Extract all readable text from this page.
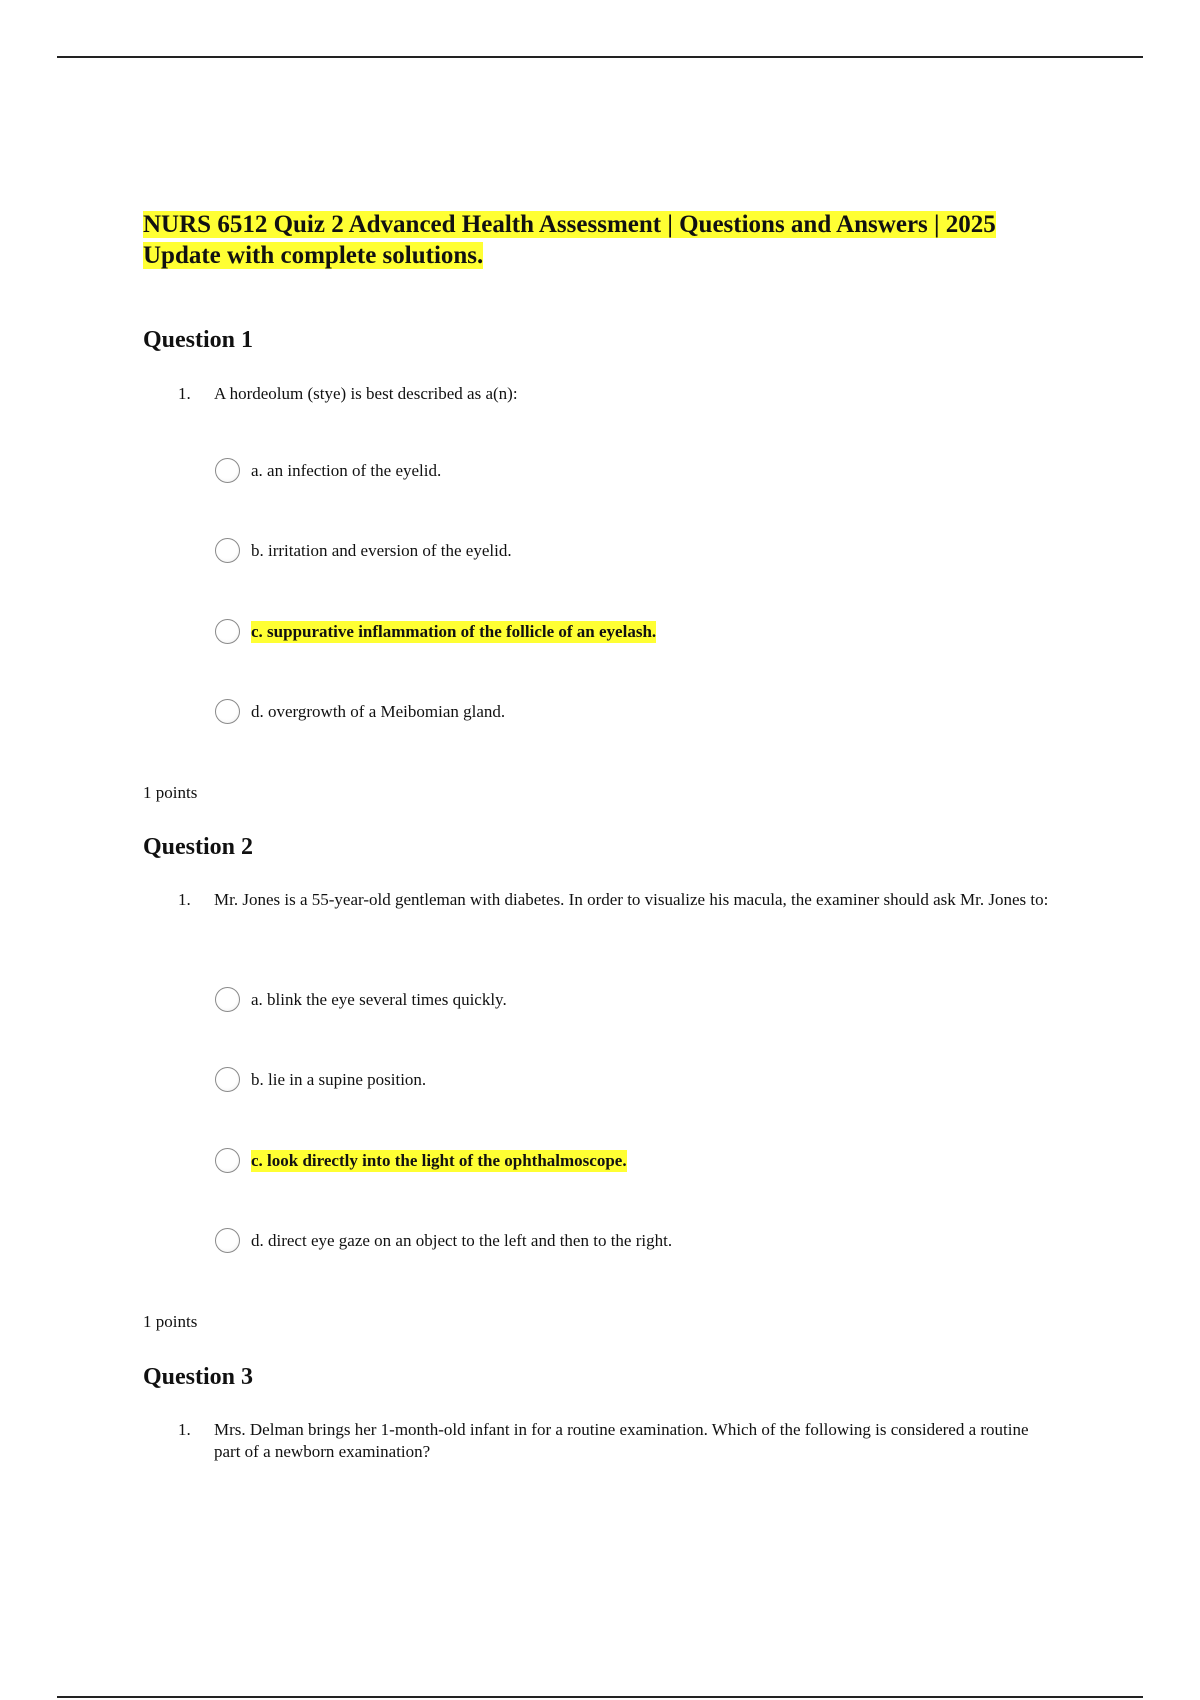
NURS 6512 Quiz 2 Advanced Health Assessment | Questions and Answers | 2025 Update with complete solutions.
Question 1
1. A hordeolum (stye) is best described as a(n):
a. an infection of the eyelid.
b. irritation and eversion of the eyelid.
c. suppurative inflammation of the follicle of an eyelash.
d. overgrowth of a Meibomian gland.
1 points
Question 2
1. Mr. Jones is a 55-year-old gentleman with diabetes. In order to visualize his macula, the examiner should ask Mr. Jones to:
a. blink the eye several times quickly.
b. lie in a supine position.
c. look directly into the light of the ophthalmoscope.
d. direct eye gaze on an object to the left and then to the right.
1 points
Question 3
1. Mrs. Delman brings her 1-month-old infant in for a routine examination. Which of the following is considered a routine part of a newborn examination?
